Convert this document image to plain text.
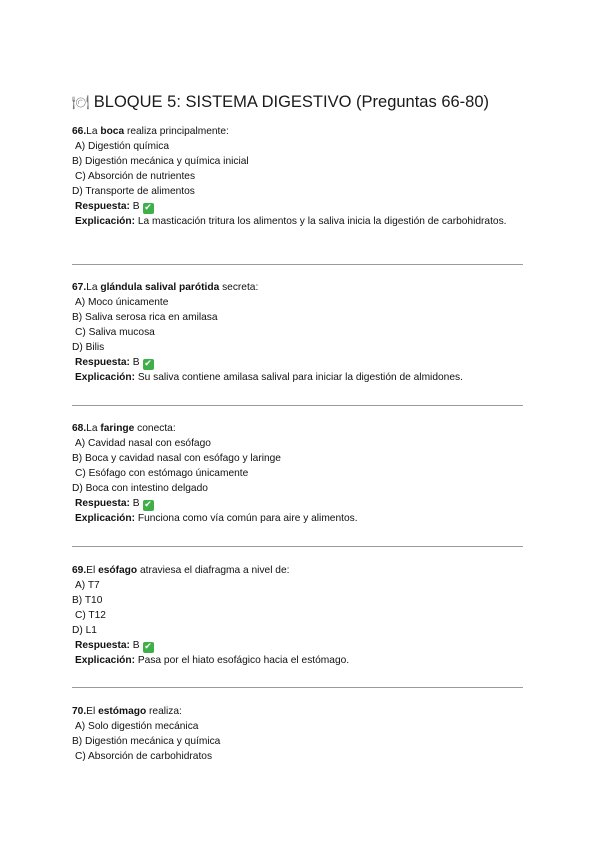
🍽 BLOQUE 5: SISTEMA DIGESTIVO (Preguntas 66-80)
66.La boca realiza principalmente:
A) Digestión química
B) Digestión mecánica y química inicial
C) Absorción de nutrientes
D) Transporte de alimentos
Respuesta: B ✔
Explicación: La masticación tritura los alimentos y la saliva inicia la digestión de carbohidratos.
67.La glándula salival parótida secreta:
A) Moco únicamente
B) Saliva serosa rica en amilasa
C) Saliva mucosa
D) Bilis
Respuesta: B ✔
Explicación: Su saliva contiene amilasa salival para iniciar la digestión de almidones.
68.La faringe conecta:
A) Cavidad nasal con esófago
B) Boca y cavidad nasal con esófago y laringe
C) Esófago con estómago únicamente
D) Boca con intestino delgado
Respuesta: B ✔
Explicación: Funciona como vía común para aire y alimentos.
69.El esófago atraviesa el diafragma a nivel de:
A) T7
B) T10
C) T12
D) L1
Respuesta: B ✔
Explicación: Pasa por el hiato esofágico hacia el estómago.
70.El estómago realiza:
A) Solo digestión mecánica
B) Digestión mecánica y química
C) Absorción de carbohidratos
